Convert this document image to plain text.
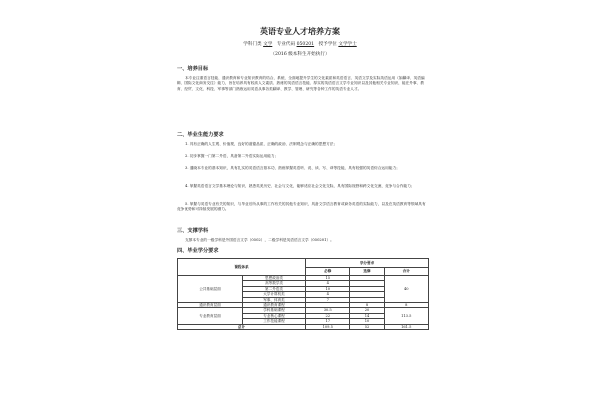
英语专业人才培养方案
学科门类 文学 专业代码 050201 授予学位 文学学士
（2016 级本科生开始执行）
一、培养目标
本专业注重语言技能、通识教育和专业知识教育的结合，系统、全面地提升学生的文化素质和英语语言、英语文学及实际英语运用（如翻译、英语编辑、国际文化商务交往）能力，旨在培养具有较高人文素质、熟练的英语语言技能、厚实的英语语言文学专业知识以及其他相关专业知识，能在外事、教育、经贸、文化、科技、军事等部门熟练运用英语从事各类翻译、教学、管理、研究等各种工作的英语专业人才。
二、毕业生能力要求
1. 具有正确的人生观、价值观，良好的道德品质，正确的政治、法制观念与正确的思想方法；
2. 初步掌握一门第二外语，具备第二外语实际运用能力；
3. 通晓本专业的基本知识，具有扎实的英语语言基本功，熟练掌握英语听、说、读、写、译等技能，具有较强的英语综合运用能力；
4. 掌握英语语言文学基本理论与知识，熟悉英美历史、社会与文化，能够适应社会文化交际，具有国际视野和跨文化交流、竞争与合作能力；
5. 掌握与英语专业有关的知识，与毕业后所从事的工作有关的其他专业知识，具备文学语言教育或商务英语的实际能力，以及在英语教育等领域具有竞争优势和可持续发展的潜力。
三、支撑学科
支撑本专业的一级学科是外国语言文学（0502），二级学科是英语语言文学（050201）。
四、毕业学分要求
课程体系		学分要求		
		必修	选修	合计
公共基础层面	思想政治类	15		40
	高等数学类	4		
	第二外语类	10		
	大学计算机类	4		
	军事、体育类	7		
通识教育层面	通识教育课程		8	8
专业教育层面	学科基础课程	30.5	20	113.5
	专业核心课程	22	14	
	工作技能课程	17	10	
总计		109.5	52	161.5
